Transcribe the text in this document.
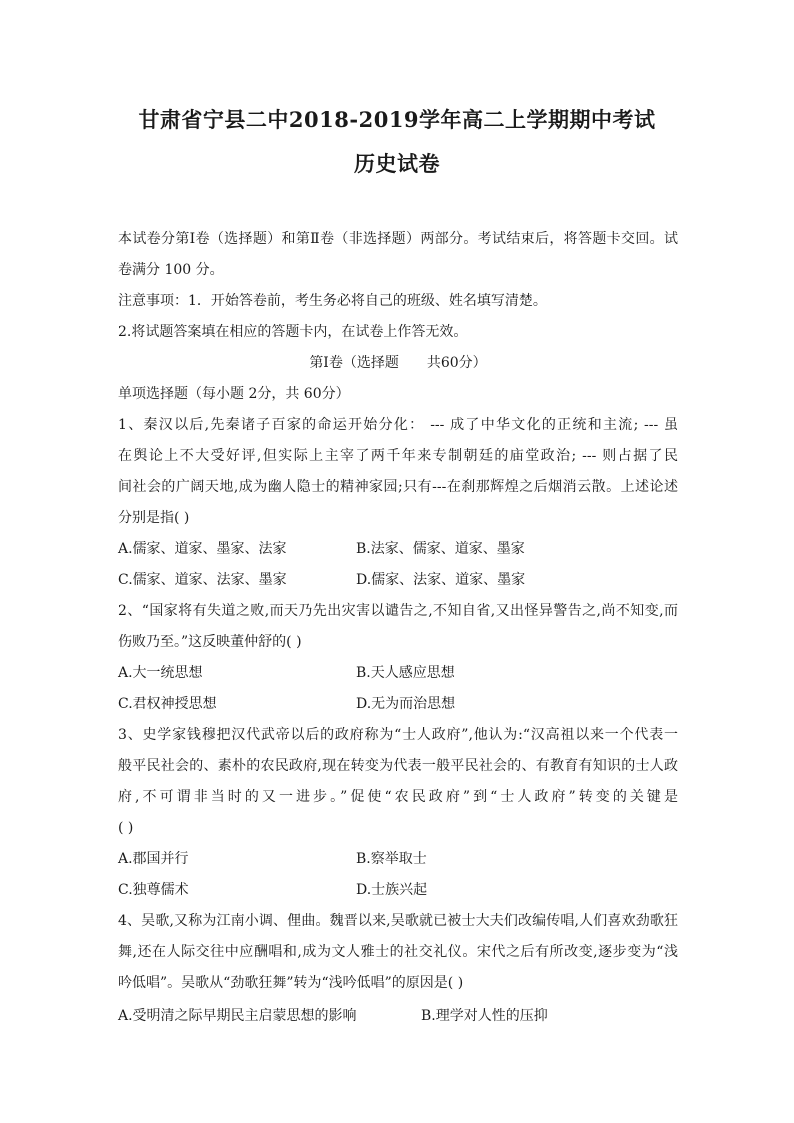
甘肃省宁县二中2018-2019学年高二上学期期中考试
历史试卷
本试卷分第Ⅰ卷（选择题）和第Ⅱ卷（非选择题）两部分。考试结束后，将答题卡交回。试
卷满分 100 分。
注意事项：1．开始答卷前，考生务必将自己的班级、姓名填写清楚。
2.将试题答案填在相应的答题卡内，在试卷上作答无效。
第Ⅰ卷（选择题　　共60分）
单项选择题（每小题 2分，共 60分）
1、秦汉以后,先秦诸子百家的命运开始分化： --- 成了中华文化的正统和主流; --- 虽
在舆论上不大受好评,但实际上主宰了两千年来专制朝廷的庙堂政治; --- 则占据了民
间社会的广阔天地,成为幽人隐士的精神家园;只有---在刹那辉煌之后烟消云散。上述论述
分别是指( )
A.儒家、道家、墨家、法家	B.法家、儒家、道家、墨家
C.儒家、道家、法家、墨家	D.儒家、法家、道家、墨家
2、“国家将有失道之败,而天乃先出灾害以谴告之,不知自省,又出怪异警告之,尚不知变,而
伤败乃至。”这反映董仲舒的( )
A.大一统思想	B.天人感应思想
C.君权神授思想	D.无为而治思想
3、史学家钱穆把汉代武帝以后的政府称为“士人政府”,他认为:“汉高祖以来一个代表一
般平民社会的、素朴的农民政府,现在转变为代表一般平民社会的、有教育有知识的士人政
府,不可谓非当时的又一进步。”促使“农民政府”到“士人政府”转变的关键是
( )
A.郡国并行	B.察举取士
C.独尊儒术	D.士族兴起
4、吴歌,又称为江南小调、俚曲。魏晋以来,吴歌就已被士大夫们改编传唱,人们喜欢劲歌狂
舞,还在人际交往中应酬唱和,成为文人雅士的社交礼仪。宋代之后有所改变,逐步变为“浅
吟低唱”。吴歌从“劲歌狂舞”转为“浅吟低唱”的原因是( )
A.受明清之际早期民主启蒙思想的影响	B.理学对人性的压抑
